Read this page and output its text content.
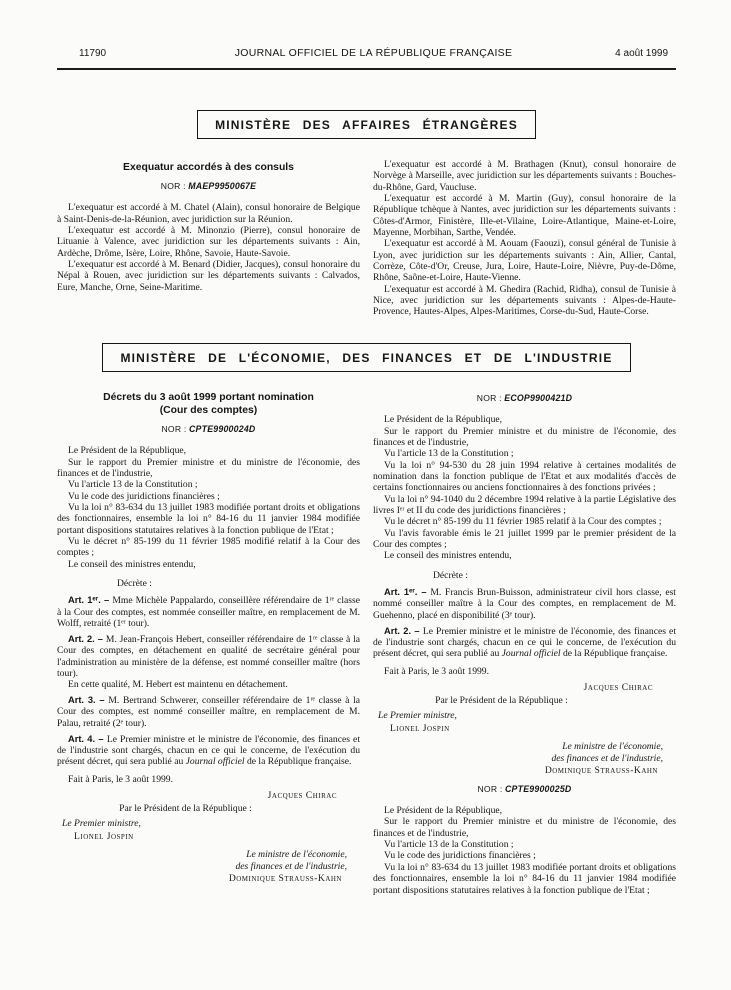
11790	JOURNAL OFFICIEL DE LA RÉPUBLIQUE FRANÇAISE	4 août 1999
MINISTÈRE DES AFFAIRES ÉTRANGÈRES
Exequatur accordés à des consuls
NOR : MAEP9950067E

L'exequatur est accordé à M. Chatel (Alain), consul honoraire de Belgique à Saint-Denis-de-la-Réunion, avec juridiction sur la Réunion.

L'exequatur est accordé à M. Minonzio (Pierre), consul honoraire de Lituanie à Valence, avec juridiction sur les départements suivants : Ain, Ardèche, Drôme, Isère, Loire, Rhône, Savoie, Haute-Savoie.

L'exequatur est accordé à M. Benard (Didier, Jacques), consul honoraire du Népal à Rouen, avec juridiction sur les départements suivants : Calvados, Eure, Manche, Orne, Seine-Maritime.

L'exequatur est accordé à M. Brathagen (Knut), consul honoraire de Norvège à Marseille, avec juridiction sur les départements suivants : Bouches-du-Rhône, Gard, Vaucluse.

L'exequatur est accordé à M. Martin (Guy), consul honoraire de la République tchèque à Nantes, avec juridiction sur les départements suivants : Côtes-d'Armor, Finistère, Ille-et-Vilaine, Loire-Atlantique, Maine-et-Loire, Mayenne, Morbihan, Sarthe, Vendée.

L'exequatur est accordé à M. Aouam (Faouzi), consul général de Tunisie à Lyon, avec juridiction sur les départements suivants : Ain, Allier, Cantal, Corrèze, Côte-d'Or, Creuse, Jura, Loire, Haute-Loire, Nièvre, Puy-de-Dôme, Rhône, Saône-et-Loire, Haute-Vienne.

L'exequatur est accordé à M. Ghedira (Rachid, Ridha), consul de Tunisie à Nice, avec juridiction sur les départements suivants : Alpes-de-Haute-Provence, Hautes-Alpes, Alpes-Maritimes, Corse-du-Sud, Haute-Corse.

MINISTÈRE DE L'ÉCONOMIE, DES FINANCES ET DE L'INDUSTRIE
Décrets du 3 août 1999 portant nomination
(Cour des comptes)
NOR : CPTE9900024D

Le Président de la République,

Sur le rapport du Premier ministre et du ministre de l'économie, des finances et de l'industrie,

Vu l'article 13 de la Constitution ;

Vu le code des juridictions financières ;

Vu la loi n° 83-634 du 13 juillet 1983 modifiée portant droits et obligations des fonctionnaires, ensemble la loi n° 84-16 du 11 janvier 1984 modifiée portant dispositions statutaires relatives à la fonction publique de l'Etat ;

Vu le décret n° 85-199 du 11 février 1985 modifié relatif à la Cour des comptes ;

Le conseil des ministres entendu,

Décrète :

Art. 1ᵉʳ. – Mme Michèle Pappalardo, conseillère référendaire de 1ʳᵉ classe à la Cour des comptes, est nommée conseiller maître, en remplacement de M. Wolff, retraité (1ᵉʳ tour).

Art. 2. – M. Jean-François Hebert, conseiller référendaire de 1ʳᵉ classe à la Cour des comptes, en détachement en qualité de secrétaire général pour l'administration au ministère de la défense, est nommé conseiller maître (hors tour).

En cette qualité, M. Hebert est maintenu en détachement.

Art. 3. – M. Bertrand Schwerer, conseiller référendaire de 1ʳᵉ classe à la Cour des comptes, est nommé conseiller maître, en remplacement de M. Palau, retraité (2ᵉ tour).

Art. 4. – Le Premier ministre et le ministre de l'économie, des finances et de l'industrie sont chargés, chacun en ce qui le concerne, de l'exécution du présent décret, qui sera publié au Journal officiel de la République française.

Fait à Paris, le 3 août 1999.

Jacques Chirac
Par le Président de la République :
Le Premier ministre,
Lionel Jospin
Le ministre de l'économie,
des finances et de l'industrie,
Dominique Strauss-Kahn
NOR : ECOP9900421D

Le Président de la République,

Sur le rapport du Premier ministre et du ministre de l'économie, des finances et de l'industrie,

Vu l'article 13 de la Constitution ;

Vu la loi n° 94-530 du 28 juin 1994 relative à certaines modalités de nomination dans la fonction publique de l'Etat et aux modalités d'accès de certains fonctionnaires ou anciens fonctionnaires à des fonctions privées ;

Vu la loi n° 94-1040 du 2 décembre 1994 relative à la partie Législative des livres Iᵉʳ et II du code des juridictions financières ;

Vu le décret n° 85-199 du 11 février 1985 relatif à la Cour des comptes ;

Vu l'avis favorable émis le 21 juillet 1999 par le premier président de la Cour des comptes ;

Le conseil des ministres entendu,

Décrète :

Art. 1ᵉʳ. – M. Francis Brun-Buisson, administrateur civil hors classe, est nommé conseiller maître à la Cour des comptes, en remplacement de M. Guehenno, placé en disponibilité (3ᵉ tour).

Art. 2. – Le Premier ministre et le ministre de l'économie, des finances et de l'industrie sont chargés, chacun en ce qui le concerne, de l'exécution du présent décret, qui sera publié au Journal officiel de la République française.

Fait à Paris, le 3 août 1999.

Jacques Chirac
Par le Président de la République :
Le Premier ministre,
Lionel Jospin
Le ministre de l'économie,
des finances et de l'industrie,
Dominique Strauss-Kahn
NOR : CPTE9900025D

Le Président de la République,

Sur le rapport du Premier ministre et du ministre de l'économie, des finances et de l'industrie,

Vu l'article 13 de la Constitution ;

Vu le code des juridictions financières ;

Vu la loi n° 83-634 du 13 juillet 1983 modifiée portant droits et obligations des fonctionnaires, ensemble la loi n° 84-16 du 11 janvier 1984 modifiée portant dispositions statutaires relatives à la fonction publique de l'Etat ;
